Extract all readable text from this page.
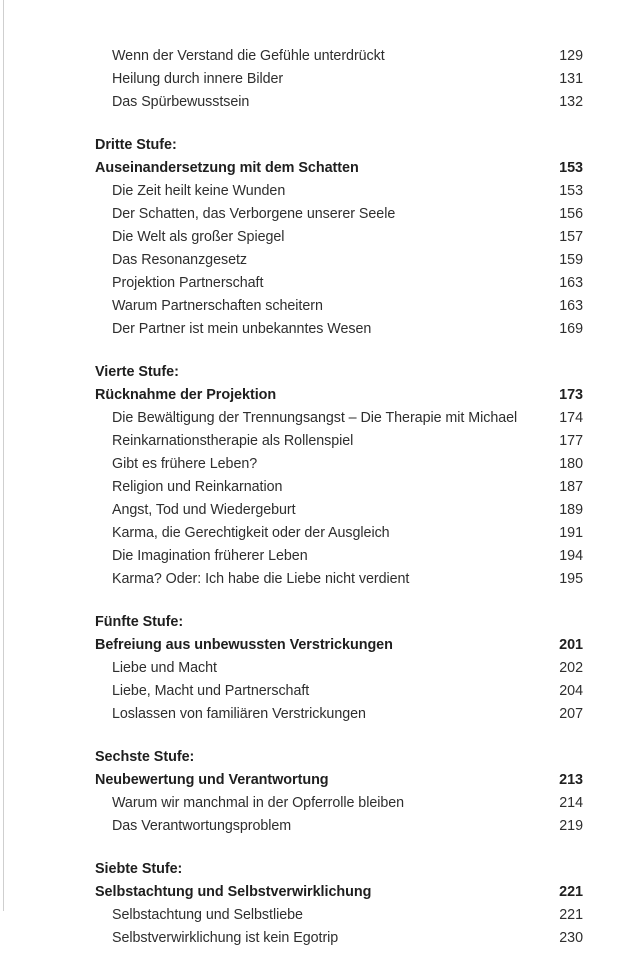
Wenn der Verstand die Gefühle unterdrückt	129
Heilung durch innere Bilder	131
Das Spürbewusstsein	132
Dritte Stufe:
Auseinandersetzung mit dem Schatten	153
Die Zeit heilt keine Wunden	153
Der Schatten, das Verborgene unserer Seele	156
Die Welt als großer Spiegel	157
Das Resonanzgesetz	159
Projektion Partnerschaft	163
Warum Partnerschaften scheitern	163
Der Partner ist mein unbekanntes Wesen	169
Vierte Stufe:
Rücknahme der Projektion	173
Die Bewältigung der Trennungsangst – Die Therapie mit Michael	174
Reinkarnationstherapie als Rollenspiel	177
Gibt es frühere Leben?	180
Religion und Reinkarnation	187
Angst, Tod und Wiedergeburt	189
Karma, die Gerechtigkeit oder der Ausgleich	191
Die Imagination früherer Leben	194
Karma? Oder: Ich habe die Liebe nicht verdient	195
Fünfte Stufe:
Befreiung aus unbewussten Verstrickungen	201
Liebe und Macht	202
Liebe, Macht und Partnerschaft	204
Loslassen von familiären Verstrickungen	207
Sechste Stufe:
Neubewertung und Verantwortung	213
Warum wir manchmal in der Opferrolle bleiben	214
Das Verantwortungsproblem	219
Siebte Stufe:
Selbstachtung und Selbstverwirklichung	221
Selbstachtung und Selbstliebe	221
Selbstverwirklichung ist kein Egotrip	230
